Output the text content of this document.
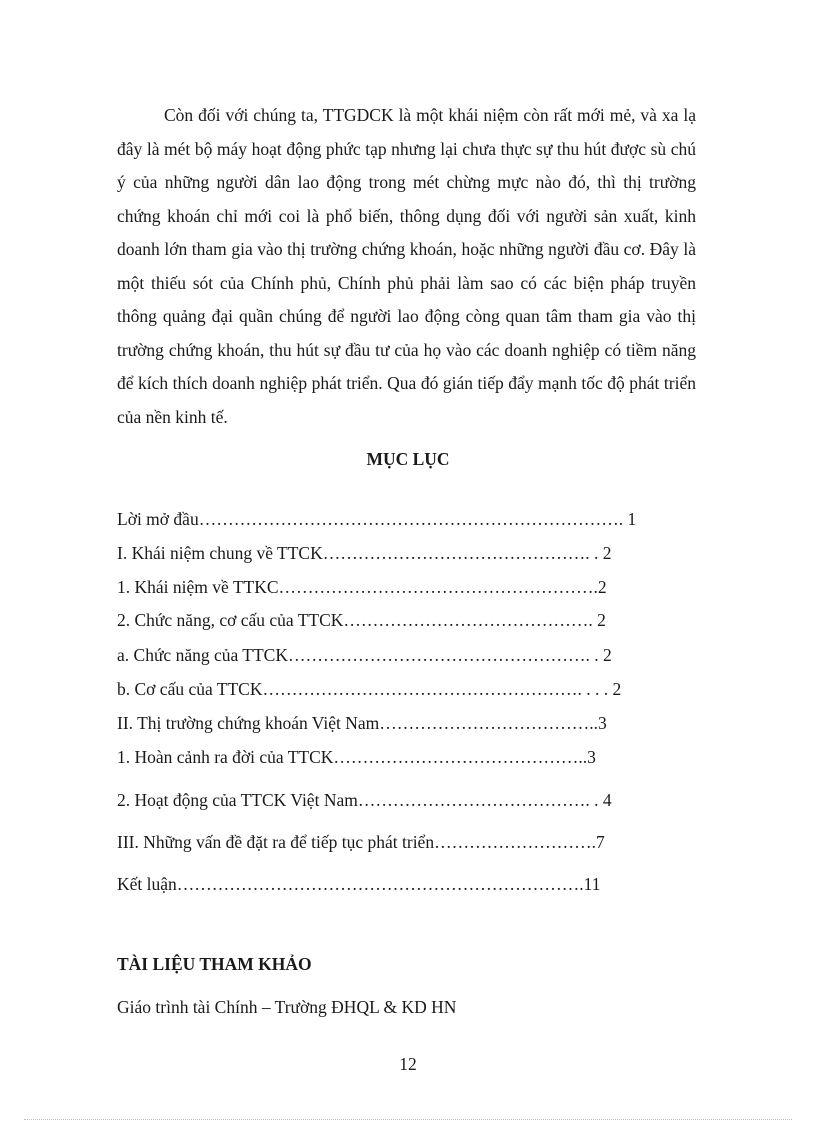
Còn đối với chúng ta, TTGDCK là một khái niệm còn rất mới mẻ, và xa lạ đây là mét bộ máy hoạt động phức tạp nhưng lại chưa thực sự thu hút được sù chú ý của những người dân lao động trong mét chừng mực nào đó, thì thị trường chứng khoán chỉ mới coi là phổ biến, thông dụng đối với người sản xuất, kinh doanh lớn tham gia vào thị trường chứng khoán, hoặc những người đầu cơ. Đây là một thiếu sót của Chính phủ, Chính phủ phải làm sao có các biện pháp truyền thông quảng đại quần chúng để người lao động còng quan tâm tham gia vào thị trường chứng khoán, thu hút sự đầu tư của họ vào các doanh nghiệp có tiềm năng để kích thích doanh nghiệp phát triển. Qua đó gián tiếp đẩy mạnh tốc độ phát triển của nền kinh tế.

MỤC LỤC

Lời mở đầu………………………………………………………………. 1

I. Khái niệm chung về TTCK………………………………………. . 2

1. Khái niệm về TTKC……………………………………………….2

2. Chức năng, cơ cấu của TTCK……………………………………. 2

a. Chức năng của TTCK……………………………………………. . 2

b. Cơ cấu của TTCK………………………………………………. . . . 2

II. Thị trường chứng khoán Việt Nam………………………………..3

1. Hoàn cảnh ra đời của TTCK……………………………………..3

2. Hoạt động của TTCK Việt Nam…………………………………. . 4

III. Những vấn đề đặt ra để tiếp tục phát triển……………………….7

Kết luận…………………………………………………………….11

TÀI LIỆU THAM KHẢO

Giáo trình tài Chính – Trường ĐHQL & KD HN

12
